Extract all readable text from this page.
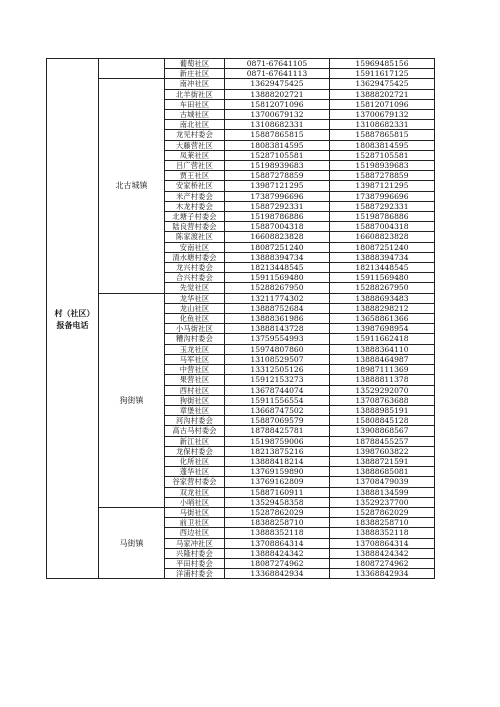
村（社区）报备电话		葡萄社区	0871-67641105	15969485156
		新庄社区	0871-67641113	15911617125
	北古城镇	南冲社区	13629475425	13629475425
		北羊街社区	13888202721	13888202721
		车田社区	15812071096	15812071096
		古城社区	13700679132	13700679132
		南北社区	13108682331	13108682331
		龙见村委会	15887865815	15887865815
		大藤营社区	18083814595	18083814595
		凤莱社区	15287105581	15287105581
		吕广营社区	15198939683	15198939683
		贾王社区	15887278859	15887278859
		安家桥社区	13987121295	13987121295
		米产村委会	17387996696	17387996696
		木龙村委会	15887292331	15887292331
		北塘子村委会	15198786886	15198786886
		陆良营村委会	15887004318	15887004318
		陈家渡社区	16608823828	16608823828
		安南社区	18087251240	18087251240
		清水塘村委会	13888394734	13888394734
		龙兴村委会	18213448545	18213448545
		合兴村委会	15911569480	15911569480
		先觉社区	15288267950	15288267950
	狗街镇	龙华社区	13211774302	13888693483
		龙山社区	13888752684	13888298212
		化鱼社区	13888361986	13658861366
		小马街社区	13888143728	13987698954
		糟沟村委会	13759554993	15911662418
		玉龙社区	15974807860	13888364110
		马军社区	13108529507	13888464987
		中营社区	13312505126	18987111369
		果营社区	15912153273	13888811378
		西村社区	13678744074	13529292070
		狗街社区	15911556554	13708763688
		章堡社区	13668747502	13888985191
		河沟村委会	15887069579	15808845128
		高古马村委会	18788425781	13908868567
		新江社区	15198759006	18788455257
		龙保村委会	18213875216	13987603822
		化所社区	13888418214	13888721591
		蓬华社区	13769159890	13888685081
		谷家营村委会	13769162809	13708479039
		双龙社区	15887160911	13888134599
		小哨社区	13529458358	13529237700
	马街镇	马街社区	15287862029	15287862029
		前卫社区	18388258710	18388258710
		西边社区	13888352118	13888352118
		马家冲社区	13708864314	13708864314
		兴隆村委会	13888424342	13888424342
		平田村委会	18087274962	18087274962
		洋浦村委会	13368842934	13368842934
